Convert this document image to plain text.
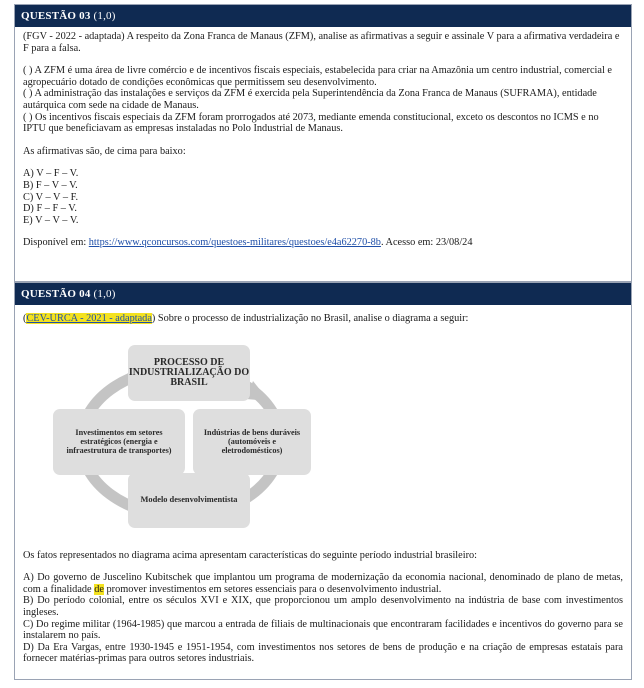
QUESTÃO 03 (1,0)

(FGV - 2022 - adaptada) A respeito da Zona Franca de Manaus (ZFM), analise as afirmativas a seguir e assinale V para a afirmativa verdadeira e F para a falsa.

( ) A ZFM é uma área de livre comércio e de incentivos fiscais especiais, estabelecida para criar na Amazônia um centro industrial, comercial e agropecuário dotado de condições econômicas que permitissem seu desenvolvimento.

( ) A administração das instalações e serviços da ZFM é exercida pela Superintendência da Zona Franca de Manaus (SUFRAMA), entidade autárquica com sede na cidade de Manaus.

( ) Os incentivos fiscais especiais da ZFM foram prorrogados até 2073, mediante emenda constitucional, exceto os descontos no ICMS e no IPTU que beneficiavam as empresas instaladas no Polo Industrial de Manaus.

As afirmativas são, de cima para baixo:

A) V – F – V.

B) F – V – V.

C) V – V – F.

D) F – F – V.

E) V – V – V.

Disponível em: https://www.qconcursos.com/questoes-militares/questoes/e4a62270-8b. Acesso em: 23/08/24

QUESTÃO 04 (1,0)

(CEV-URCA - 2021 - adaptada) Sobre o processo de industrialização no Brasil, analise o diagrama a seguir:

PROCESSO DE INDUSTRIALIZAÇÃO DO BRASIL
Investimentos em setores estratégicos (energia e infraestrutura de transportes)
Indústrias de bens duráveis (automóveis e eletrodomésticos)
Modelo desenvolvimentista

Os fatos representados no diagrama acima apresentam características do seguinte período industrial brasileiro:

A) Do governo de Juscelino Kubitschek que implantou um programa de modernização da economia nacional, denominado de plano de metas, com a finalidade de promover investimentos em setores essenciais para o desenvolvimento industrial.

B) Do período colonial, entre os séculos XVI e XIX, que proporcionou um amplo desenvolvimento na indústria de base com investimentos ingleses.

C) Do regime militar (1964-1985) que marcou a entrada de filiais de multinacionais que encontraram facilidades e incentivos do governo para se instalarem no país.

D) Da Era Vargas, entre 1930-1945 e 1951-1954, com investimentos nos setores de bens de produção e na criação de empresas estatais para fornecer matérias-primas para outros setores industriais.
